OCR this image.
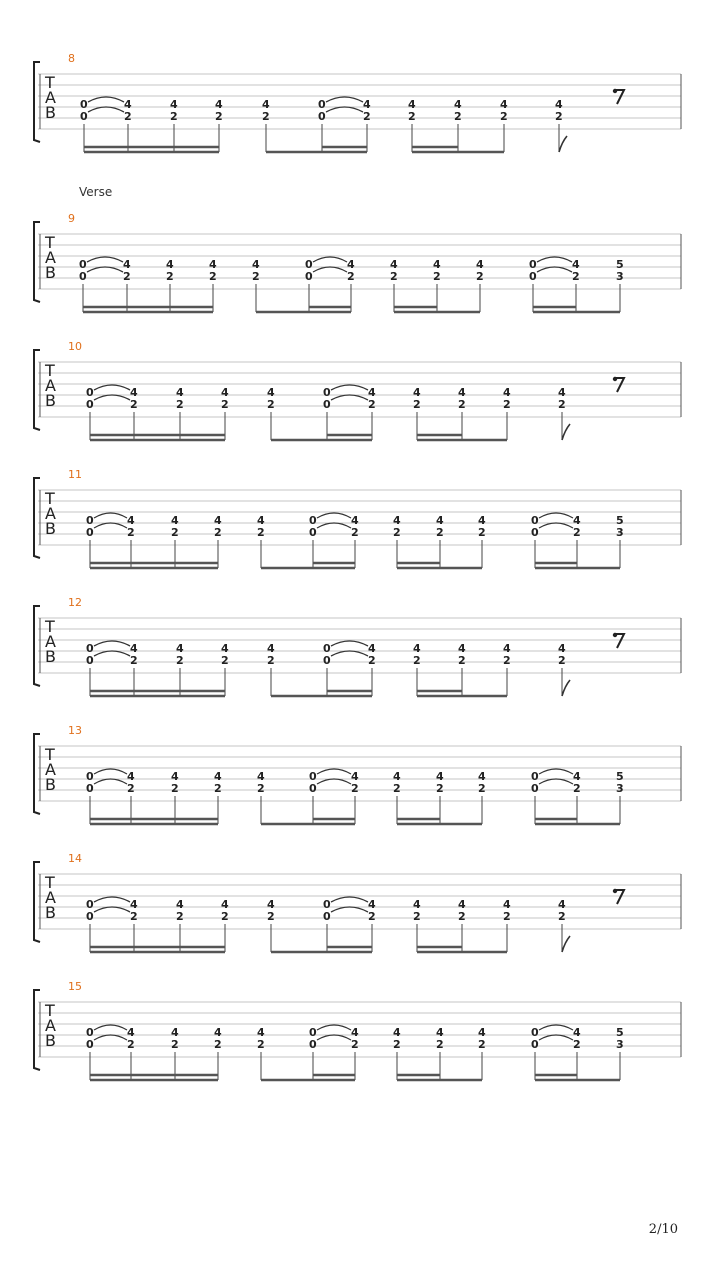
Verse
8
T
A
B 0
0
4
2
4
2
4
2
4
2
0
0
4
2
4
2
4
2
4
2
4
2
9
T
A
B 0
0
4
2
4
2
4
2
4
2
0
0
4
2
4
2
4
2
4
2
0
0
4
2
5
3
10
T
A
B	0
0
4
2
4
2
4
2
4
2
0
0
4
2
4
2
4
2
4
2
4
2
11
T
A
B	0
0
4
2
4
2
4
2
4
2
0
0
4
2
4
2
4
2
4
2
0
0
4
2
5
3
12
T
A
B	0
0
4
2
4
2
4
2
4
2
0
0
4
2
4
2
4
2
4
2
4
2
13
T
A
B	0
0
4
2
4
2
4
2
4
2
0
0
4
2
4
2
4
2
4
2
0
0
4
2
5
3
14
T
A
B	0
0
4
2
4
2
4
2
4
2
0
0
4
2
4
2
4
2
4
2
4
2
15
T
A
B	0
0
4
2
4
2
4
2
4
2
0
0
4
2
4
2
4
2
4
2
0
0
4
2
5
3
2/10
